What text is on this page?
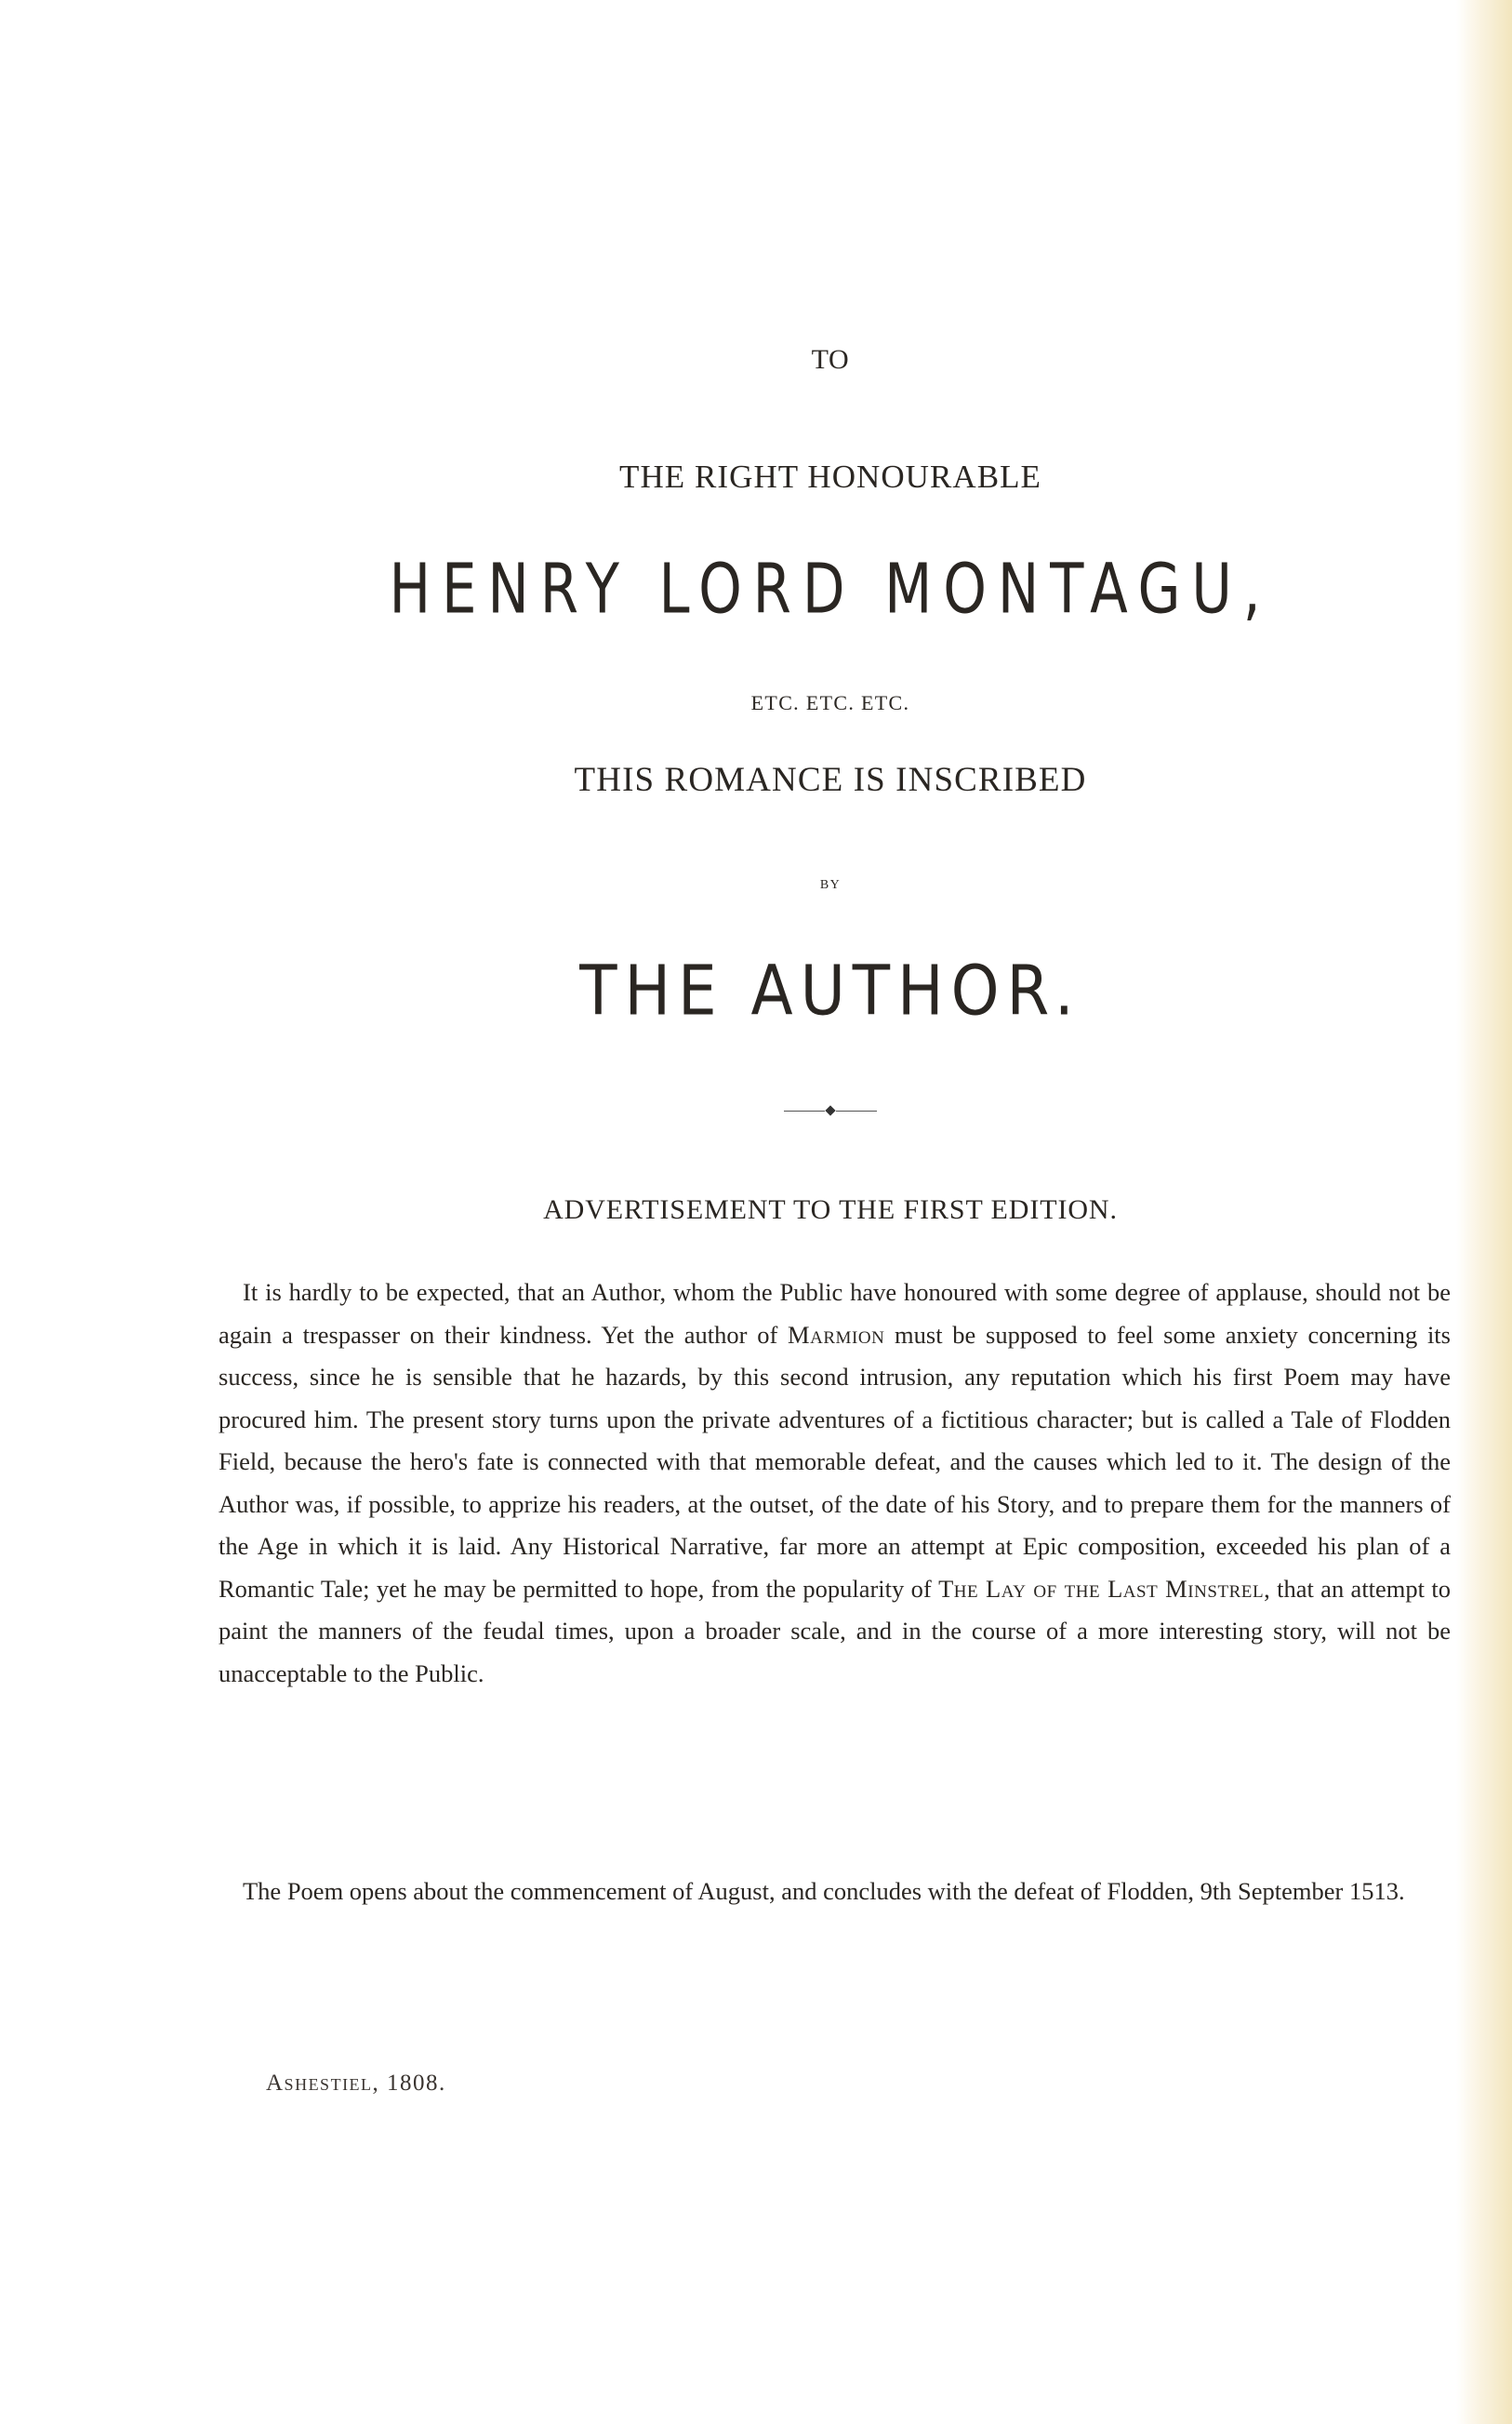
TO
THE RIGHT HONOURABLE
HENRY LORD MONTAGU,
ETC. ETC. ETC.
THIS ROMANCE IS INSCRIBED
BY
THE AUTHOR.
ADVERTISEMENT TO THE FIRST EDITION.

It is hardly to be expected, that an Author, whom the Public have honoured with some degree of applause, should not be again a trespasser on their kindness. Yet the author of Marmion must be supposed to feel some anxiety concerning its success, since he is sensible that he hazards, by this second intrusion, any reputation which his first Poem may have procured him. The present story turns upon the private adventures of a fictitious character; but is called a Tale of Flodden Field, because the hero's fate is connected with that memorable defeat, and the causes which led to it. The design of the Author was, if possible, to apprize his readers, at the outset, of the date of his Story, and to prepare them for the manners of the Age in which it is laid. Any Historical Narrative, far more an attempt at Epic composition, exceeded his plan of a Romantic Tale; yet he may be permitted to hope, from the popularity of The Lay of the Last Minstrel, that an attempt to paint the manners of the feudal times, upon a broader scale, and in the course of a more interesting story, will not be unacceptable to the Public.

The Poem opens about the commencement of August, and concludes with the defeat of Flodden, 9th September 1513.

Ashestiel, 1808.
